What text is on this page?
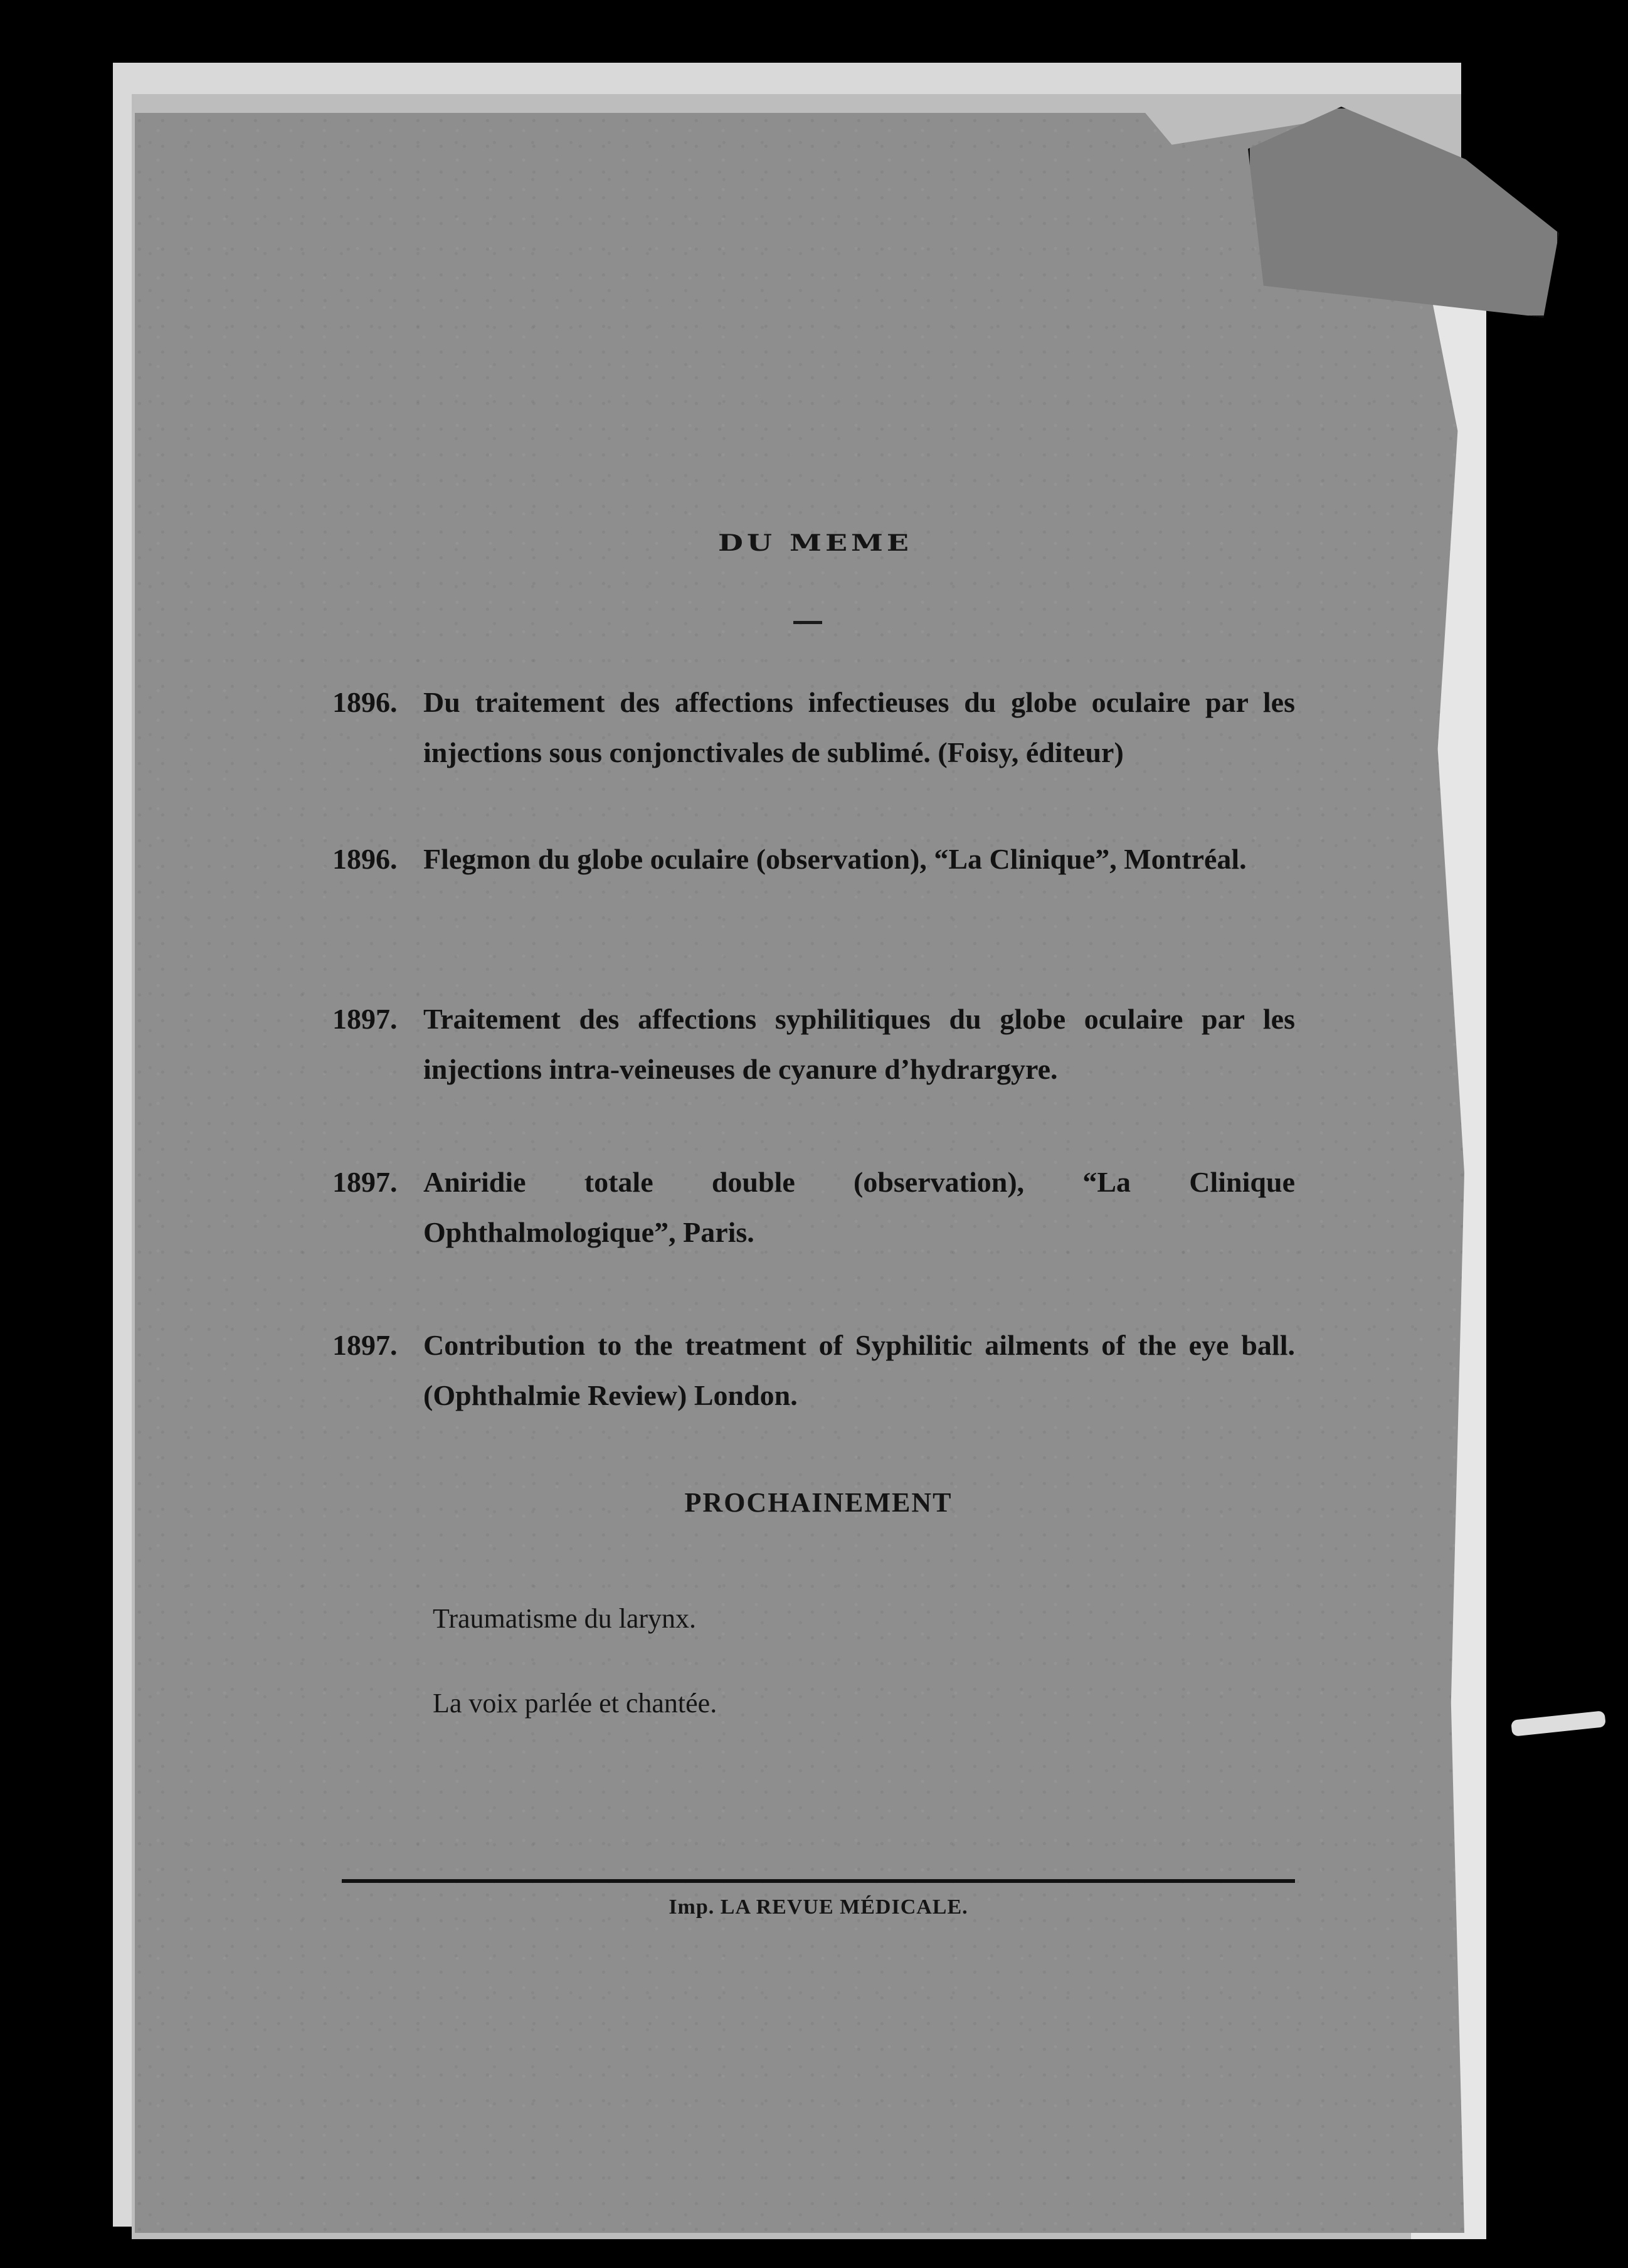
DU MEME
1896. Du traitement des affections infectieuses du globe oculaire par les injections sous conjonctivales de sublimé. (Foisy, éditeur)
1896. Flegmon du globe oculaire (observation), “La Clinique”, Montréal.
1897. Traitement des affections syphilitiques du globe oculaire par les injections intra-veineuses de cyanure d’hydrargyre.
1897. Aniridie totale double (observation), “La Clinique Ophthalmologique”, Paris.
1897. Contribution to the treatment of Syphilitic ailments of the eye ball. (Ophthalmie Review) London.
PROCHAINEMENT
Traumatisme du larynx.
La voix parlée et chantée.
Imp. LA REVUE MÉDICALE.
